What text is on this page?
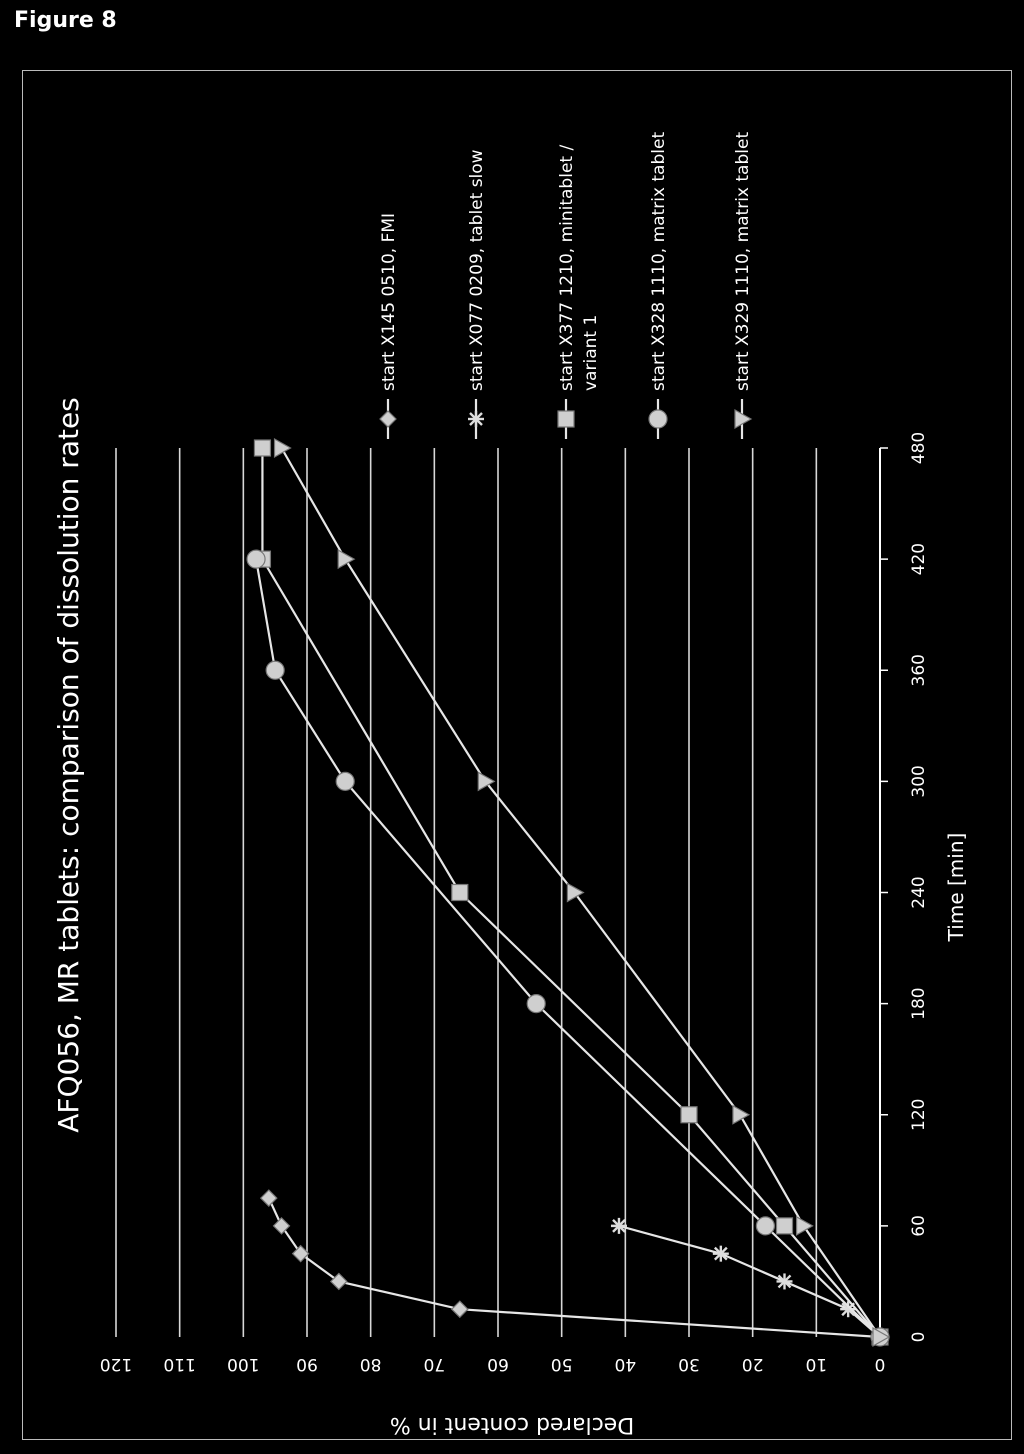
Figure 8
0
10
20
30
40
50
60
70
80
90
100
110
120
0
60
120
180
240
300
360
420
480
start X145 0510, FMI	start X077 0209, tablet slow	start X377 1210, minitablet / variant 1	start X328 1110, matrix tablet	start X329 1110, matrix tablet
AFQ056, MR tablets: comparison of dissolution rates	Time [min]
Declared content in %
